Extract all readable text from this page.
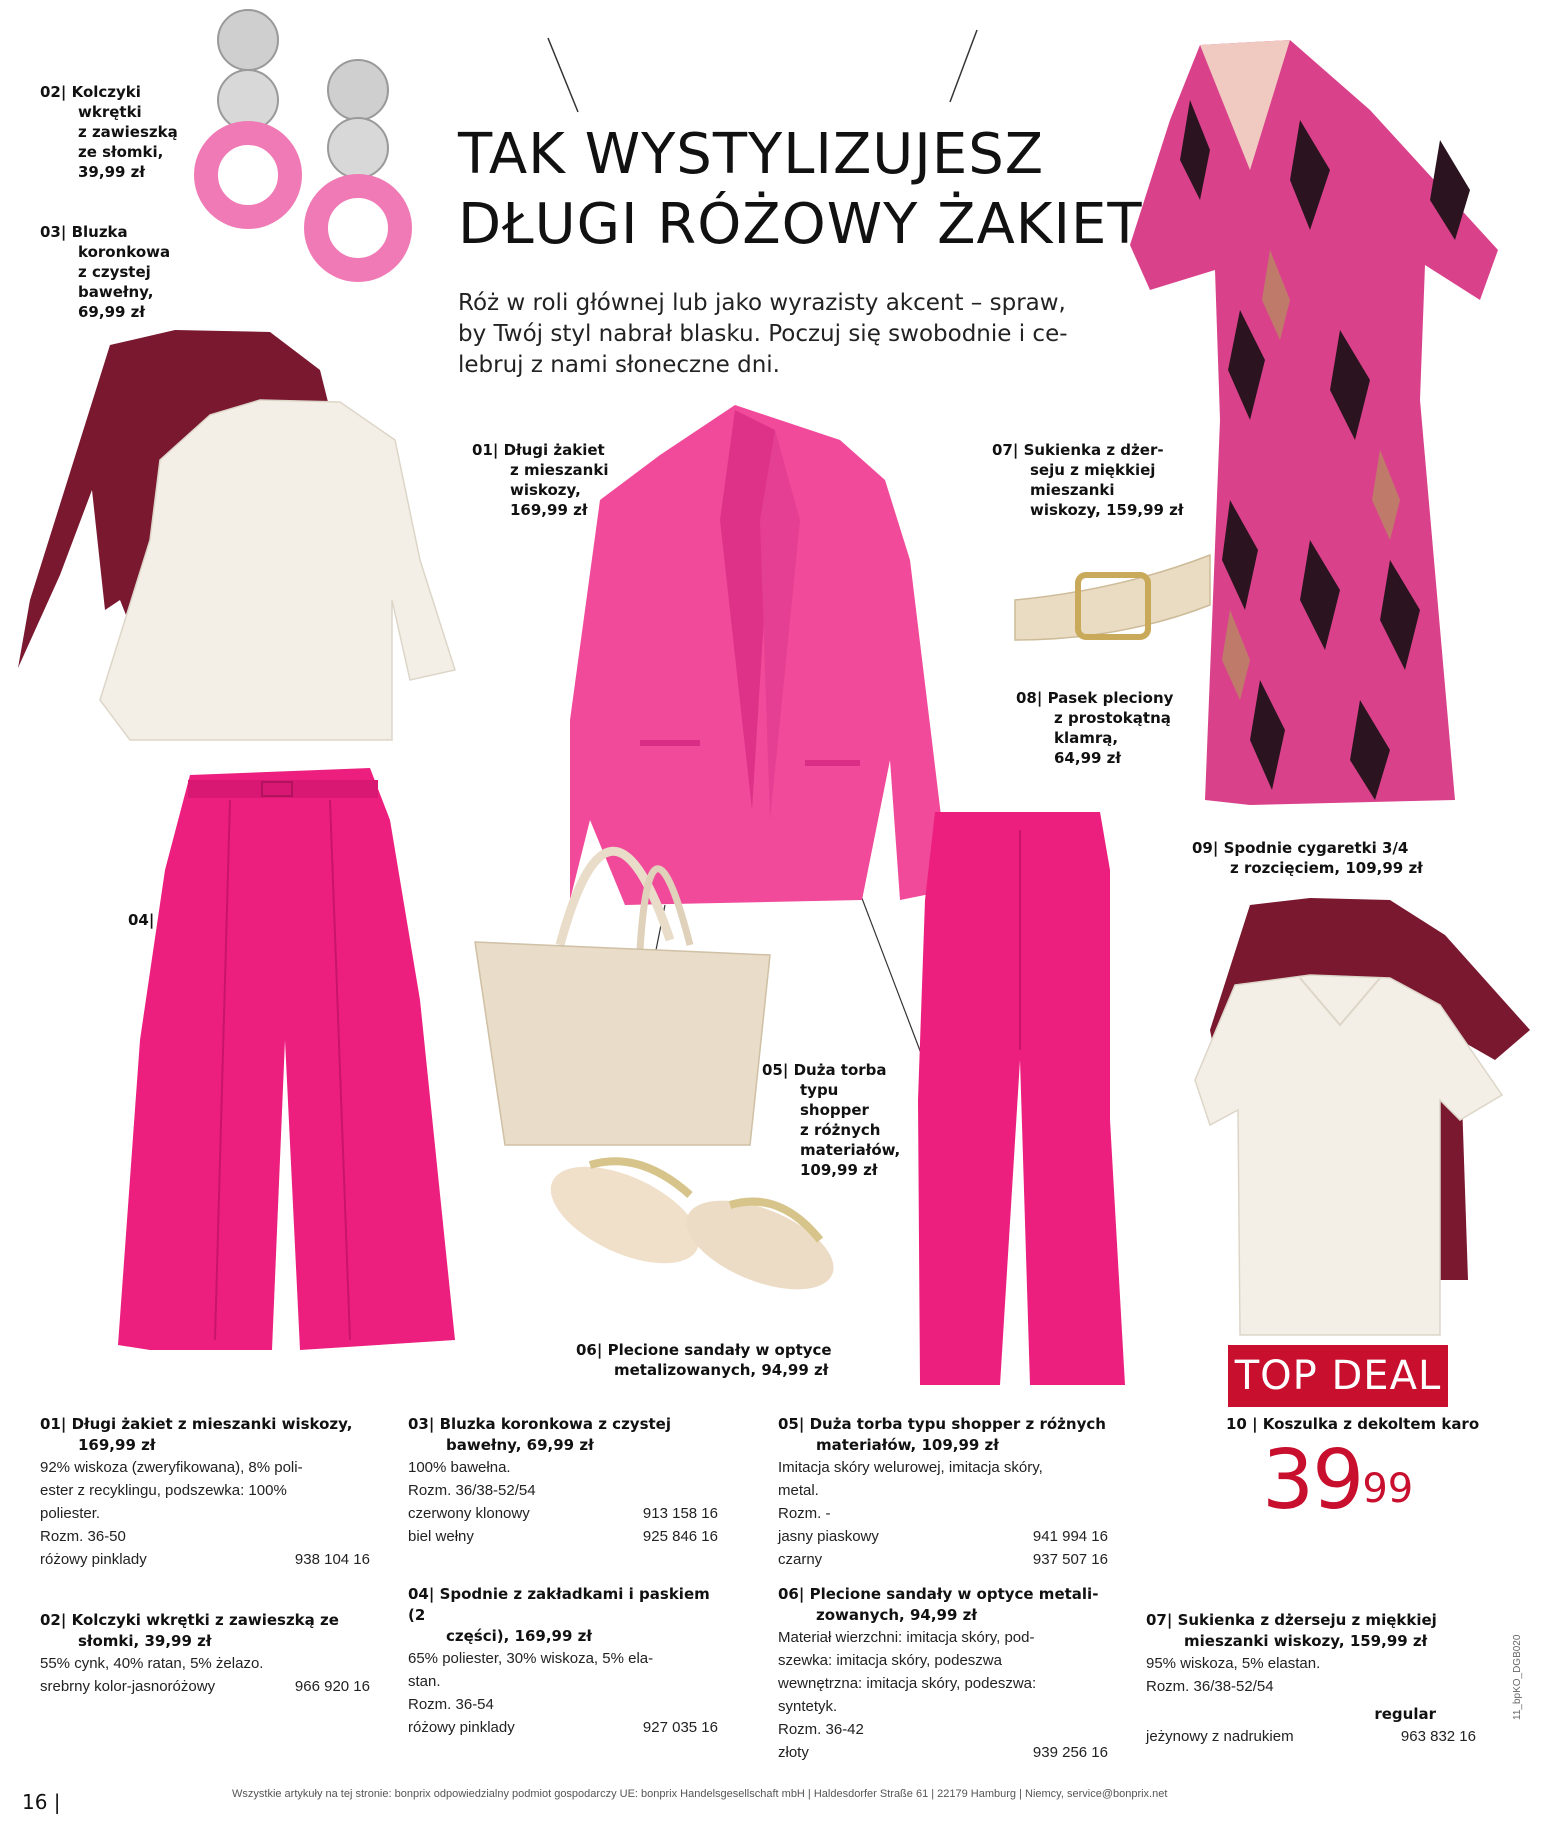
TAK WYSTYLIZUJESZ
DŁUGI RÓŻOWY ŻAKIET
Róż w roli głównej lub jako wyrazisty akcent – spraw,
by Twój styl nabrał blasku. Poczuj się swobodnie i ce-
lebruj z nami słoneczne dni.
02| Kolczyki
wkrętki
z zawieszką
ze słomki,
39,99 zł
03| Bluzka
koronkowa
z czystej
bawełny,
69,99 zł
01| Długi żakiet
z mieszanki
wiskozy,
169,99 zł
07| Sukienka z dżer-
seju z miękkiej
mieszanki
wiskozy, 159,99 zł
08| Pasek pleciony
z prostokątną
klamrą,
64,99 zł
09| Spodnie cygaretki 3/4
z rozcięciem, 109,99 zł
04|
05| Duża torba
typu
shopper
z różnych
materiałów,
109,99 zł
06| Plecione sandały w optyce
metalizowanych, 94,99 zł	TOP DEAL
10 | Koszulka z dekoltem karo
$39^{99}$
01| Długi żakiet z mieszanki wiskozy,
169,99 zł
92% wiskoza (zweryfikowana), 8% poli-
ester z recyklingu, podszewka: 100%
poliester.
Rozm. 36-50
różowy pinklady	938 104 16
02| Kolczyki wkrętki z zawieszką ze
słomki, 39,99 zł
55% cynk, 40% ratan, 5% żelazo.
srebrny kolor-jasnoróżowy	966 920 16
03| Bluzka koronkowa z czystej
bawełny, 69,99 zł
100% bawełna.
Rozm. 36/38-52/54
czerwony klonowy	913 158 16
biel wełny	925 846 16
04| Spodnie z zakładkami i paskiem (2
części), 169,99 zł
65% poliester, 30% wiskoza, 5% ela-
stan.
Rozm. 36-54
różowy pinklady	927 035 16
05| Duża torba typu shopper z różnych
materiałów, 109,99 zł
Imitacja skóry welurowej, imitacja skóry,
metal.
Rozm. -
jasny piaskowy	941 994 16
czarny	937 507 16
06| Plecione sandały w optyce metali-
zowanych, 94,99 zł
Materiał wierzchni: imitacja skóry, pod-
szewka: imitacja skóry, podeszwa
wewnętrzna: imitacja skóry, podeszwa:
syntetyk.
Rozm. 36-42
złoty	939 256 16
07| Sukienka z dżerseju z miękkiej
mieszanki wiskozy, 159,99 zł
95% wiskoza, 5% elastan.
Rozm. 36/38-52/54
regular
jeżynowy z nadrukiem	963 832 16
16 |	Wszystkie artykuły na tej stronie: bonprix odpowiedzialny podmiot gospodarczy UE: bonprix Handelsgesellschaft mbH | Haldesdorfer Straße 61 | 22179 Hamburg | Niemcy, service@bonprix.net
11_bpKO_DGB020
